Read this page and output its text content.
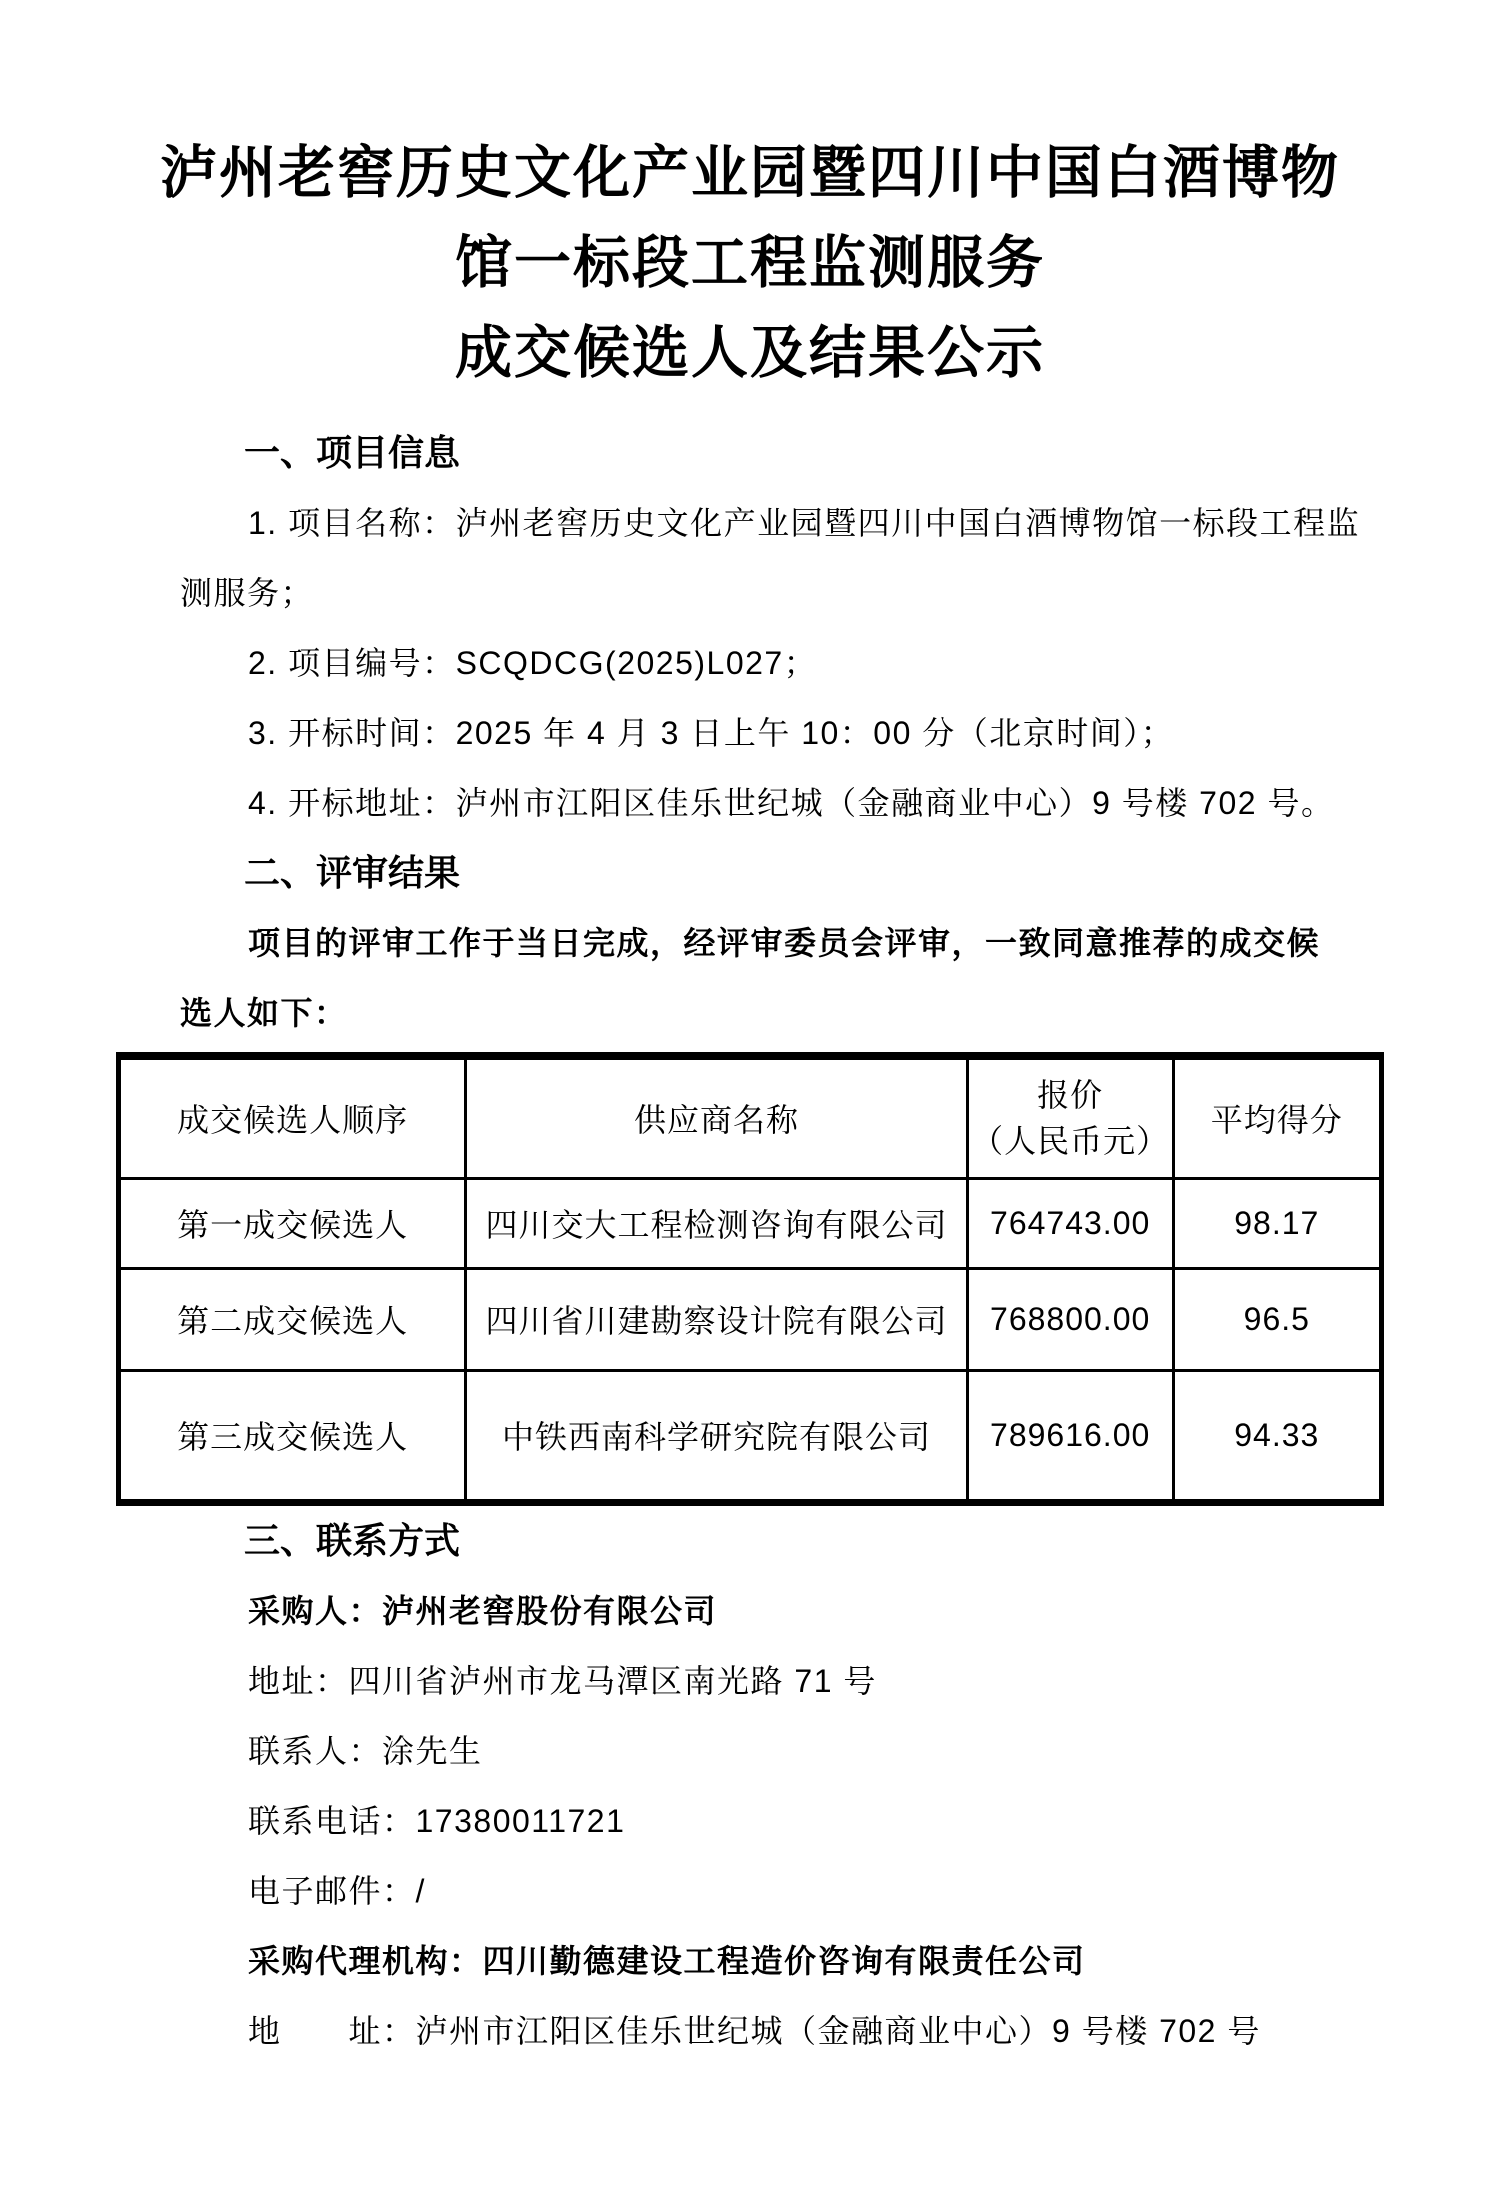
泸州老窖历史文化产业园暨四川中国白酒博物
馆一标段工程监测服务
成交候选人及结果公示
一、项目信息
1. 项目名称：泸州老窖历史文化产业园暨四川中国白酒博物馆一标段工程监
测服务；
2. 项目编号：SCQDCG(2025)L027；
3. 开标时间：2025 年 4 月 3 日上午 10：00 分（北京时间）；
4. 开标地址：泸州市江阳区佳乐世纪城（金融商业中心）9 号楼 702 号。
二、评审结果
项目的评审工作于当日完成，经评审委员会评审，一致同意推荐的成交候
选人如下：
成交候选人顺序	供应商名称	报价
（人民币元）	平均得分
第一成交候选人	四川交大工程检测咨询有限公司	764743.00	98.17
第二成交候选人	四川省川建勘察设计院有限公司	768800.00	96.5
第三成交候选人	中铁西南科学研究院有限公司	789616.00	94.33
三、联系方式
采购人：泸州老窖股份有限公司
地址：四川省泸州市龙马潭区南光路 71 号
联系人：涂先生
联系电话：17380011721
电子邮件：/
采购代理机构：四川勤德建设工程造价咨询有限责任公司
地　　址：泸州市江阳区佳乐世纪城（金融商业中心）9 号楼 702 号
